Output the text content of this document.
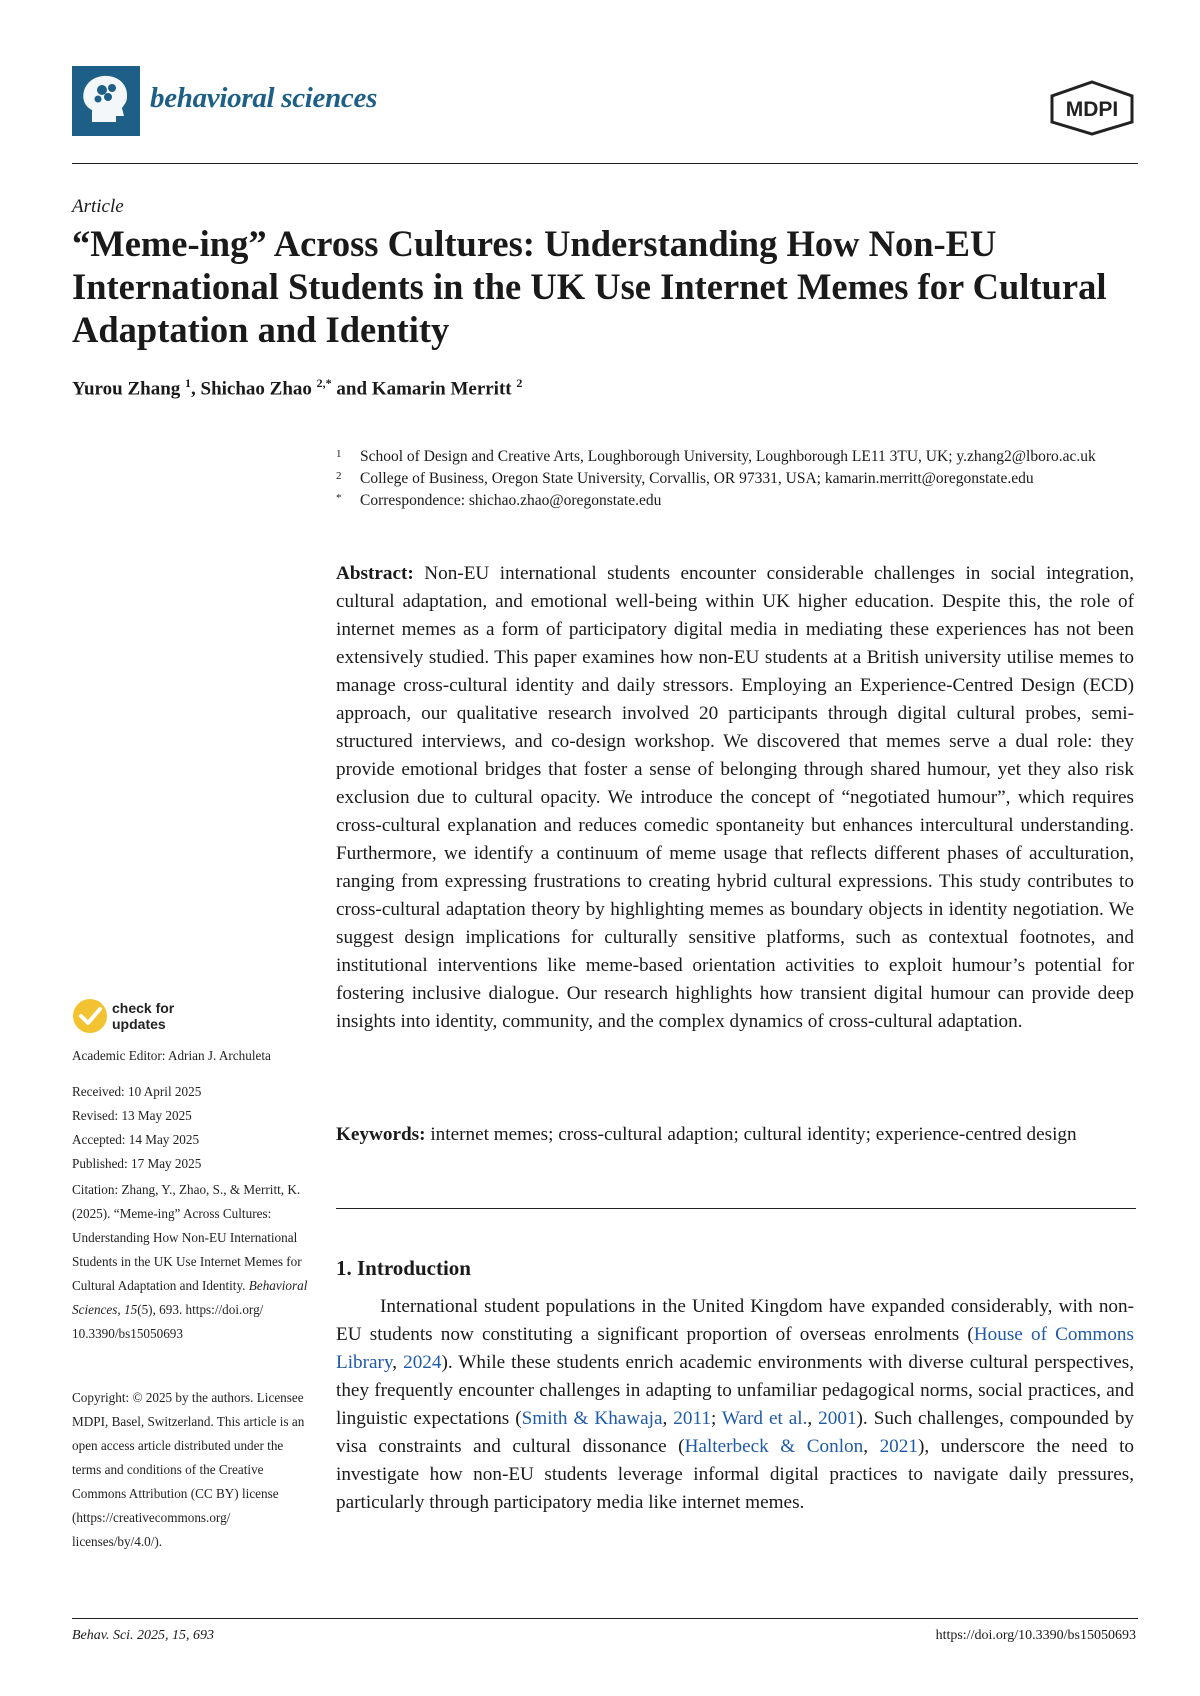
behavioral sciences	MDPI
Article
“Meme-ing” Across Cultures: Understanding How Non-EU International Students in the UK Use Internet Memes for Cultural Adaptation and Identity
Yurou Zhang $^1$, Shichao Zhao $^{2,*}$ and Kamarin Merritt $^2$
1	School of Design and Creative Arts, Loughborough University, Loughborough LE11 3TU, UK; y.zhang2@lboro.ac.uk
2	College of Business, Oregon State University, Corvallis, OR 97331, USA; kamarin.merritt@oregonstate.edu
*	Correspondence: shichao.zhao@oregonstate.edu

Abstract: Non-EU international students encounter considerable challenges in social integration, cultural adaptation, and emotional well-being within UK higher education. Despite this, the role of internet memes as a form of participatory digital media in mediating these experiences has not been extensively studied. This paper examines how non-EU students at a British university utilise memes to manage cross-cultural identity and daily stressors. Employing an Experience-Centred Design (ECD) approach, our qualitative research involved 20 participants through digital cultural probes, semi-structured interviews, and co-design workshop. We discovered that memes serve a dual role: they provide emotional bridges that foster a sense of belonging through shared humour, yet they also risk exclusion due to cultural opacity. We introduce the concept of “negotiated humour”, which requires cross-cultural explanation and reduces comedic spontaneity but enhances intercultural understanding. Furthermore, we identify a continuum of meme usage that reflects different phases of acculturation, ranging from expressing frustrations to creating hybrid cultural expressions. This study contributes to cross-cultural adaptation theory by highlighting memes as boundary objects in identity negotiation. We suggest design implications for culturally sensitive platforms, such as contextual footnotes, and institutional interventions like meme-based orientation activities to exploit humour’s potential for fostering inclusive dialogue. Our research highlights how transient digital humour can provide deep insights into identity, community, and the complex dynamics of cross-cultural adaptation.

Keywords: internet memes; cross-cultural adaption; cultural identity; experience-centred design

1. Introduction

International student populations in the United Kingdom have expanded considerably, with non-EU students now constituting a significant proportion of overseas enrolments (House of Commons Library, 2024). While these students enrich academic environments with diverse cultural perspectives, they frequently encounter challenges in adapting to unfamiliar pedagogical norms, social practices, and linguistic expectations (Smith & Khawaja, 2011; Ward et al., 2001). Such challenges, compounded by visa constraints and cultural dissonance (Halterbeck & Conlon, 2021), underscore the need to investigate how non-EU students leverage informal digital practices to navigate daily pressures, particularly through participatory media like internet memes.

check for
updates
Academic Editor: Adrian J. Archuleta
Received: 10 April 2025
Revised: 13 May 2025
Accepted: 14 May 2025
Published: 17 May 2025
Citation: Zhang, Y., Zhao, S., & Merritt, K. (2025). “Meme-ing” Across Cultures: Understanding How Non-EU International Students in the UK Use Internet Memes for Cultural Adaptation and Identity. Behavioral Sciences, 15(5), 693. https://doi.org/ 10.3390/bs15050693
Copyright: © 2025 by the authors. Licensee MDPI, Basel, Switzerland. This article is an open access article distributed under the terms and conditions of the Creative Commons Attribution (CC BY) license (https://creativecommons.org/ licenses/by/4.0/).
Behav. Sci. 2025, 15, 693	https://doi.org/10.3390/bs15050693
